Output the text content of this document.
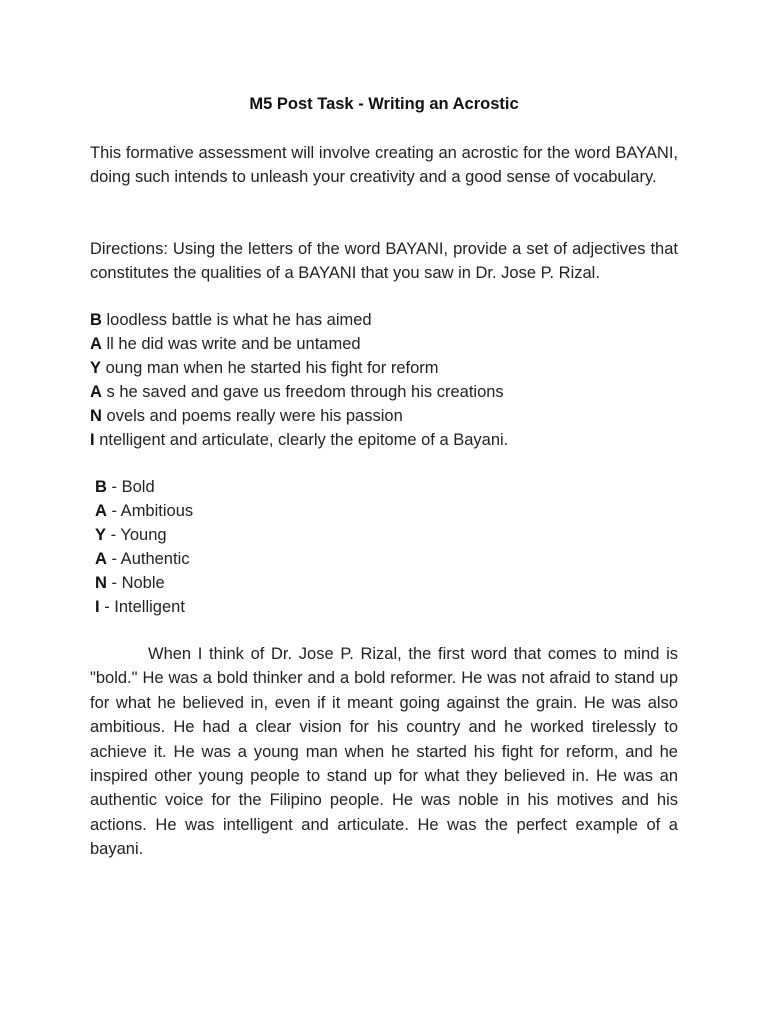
M5 Post Task - Writing an Acrostic

This formative assessment will involve creating an acrostic for the word BAYANI, doing such intends to unleash your creativity and a good sense of vocabulary.

Directions: Using the letters of the word BAYANI, provide a set of adjectives that constitutes the qualities of a BAYANI that you saw in Dr. Jose P. Rizal.

B loodless battle is what he has aimed
A ll he did was write and be untamed
Y oung man when he started his fight for reform
A s he saved and gave us freedom through his creations
N ovels and poems really were his passion
I ntelligent and articulate, clearly the epitome of a Bayani.
B - Bold
A - Ambitious
Y - Young
A - Authentic
N - Noble
I - Intelligent

When I think of Dr. Jose P. Rizal, the first word that comes to mind is "bold." He was a bold thinker and a bold reformer. He was not afraid to stand up for what he believed in, even if it meant going against the grain. He was also ambitious. He had a clear vision for his country and he worked tirelessly to achieve it. He was a young man when he started his fight for reform, and he inspired other young people to stand up for what they believed in. He was an authentic voice for the Filipino people. He was noble in his motives and his actions. He was intelligent and articulate. He was the perfect example of a bayani.
